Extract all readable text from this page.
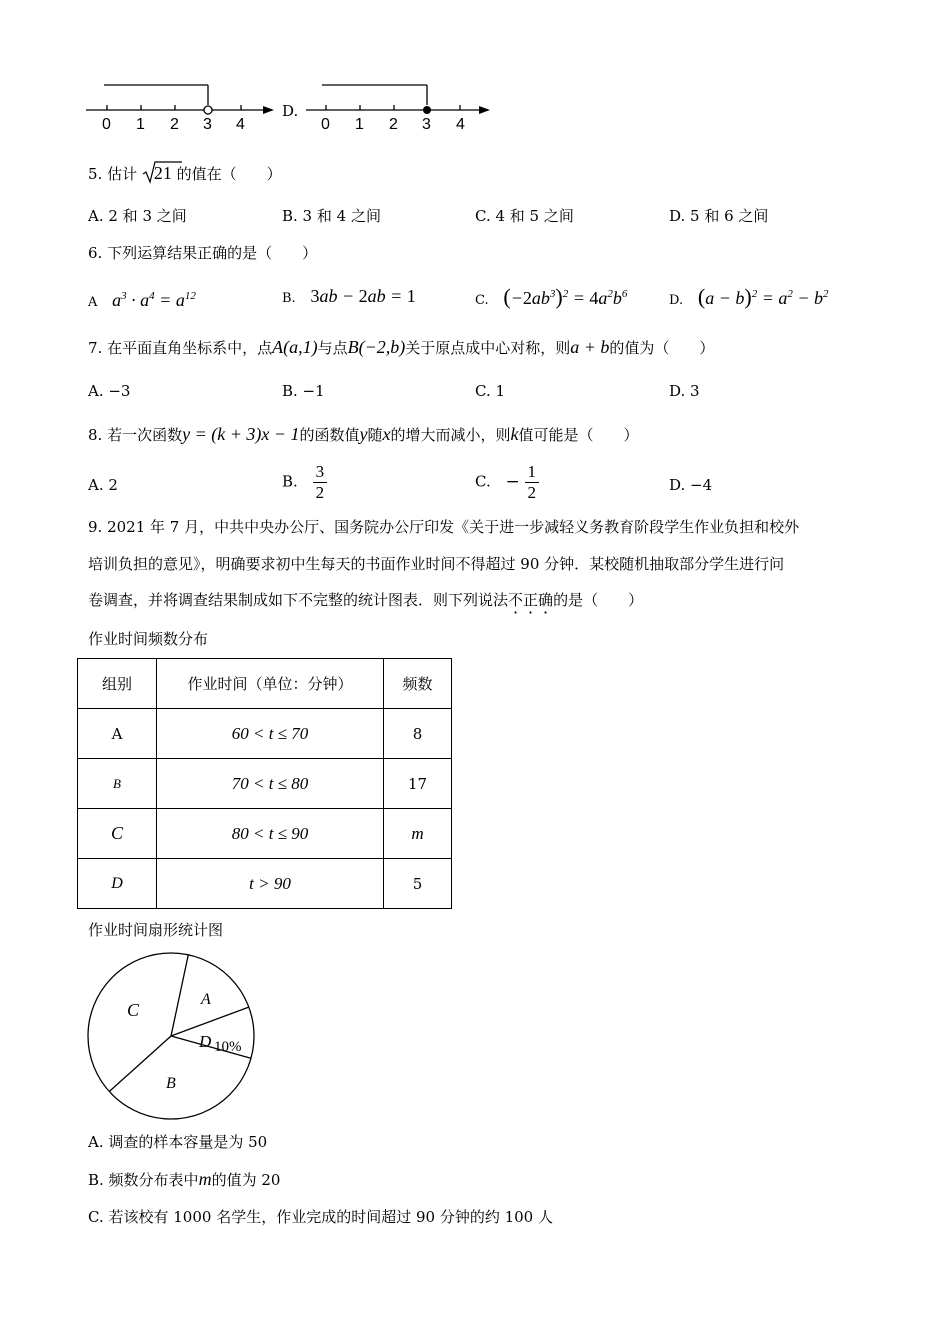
0 1 2 3 4
D.
0 1 2 3 4
5. 估计 21 的值在（　　）
A. 2 和 3 之间	B. 3 和 4 之间	C. 4 和 5 之间	D. 5 和 6 之间
6. 下列运算结果正确的是（　　）
A $a^3 \cdot a^4 = a^{12}$	B. 3ab − 2ab = 1	C. $(-2ab^3)^2 = 4a^2b^6$	D. $(a - b)^2 = a^2 - b^2$
7. 在平面直角坐标系中，点A(a,1)与点B(−2,b)关于原点成中心对称，则a + b的值为（　　）
A. −3	B. −1	C. 1	D. 3
8. 若一次函数y = (k + 3)x − 1的函数值y随x的增大而减小，则k值可能是（　　）
A. 2	B. $\frac{3}{2}$	C. − $\frac{1}{2}$	D. −4
9. 2021 年 7 月，中共中央办公厅、国务院办公厅印发《关于进一步减轻义务教育阶段学生作业负担和校外
培训负担的意见》，明确要求初中生每天的书面作业时间不得超过 90 分钟．某校随机抽取部分学生进行问
卷调查，并将调查结果制成如下不完整的统计图表．则下列说法不正确的是（　　）
作业时间频数分布
组别	作业时间（单位：分钟）	频数
A	60 < t ≤ 70	8
B	70 < t ≤ 80	17
C	80 < t ≤ 90	m
D	t > 90	5
作业时间扇形统计图
C
A
D 10%
B
A. 调查的样本容量是为 50
B. 频数分布表中m的值为 20
C. 若该校有 1000 名学生，作业完成的时间超过 90 分钟的约 100 人
